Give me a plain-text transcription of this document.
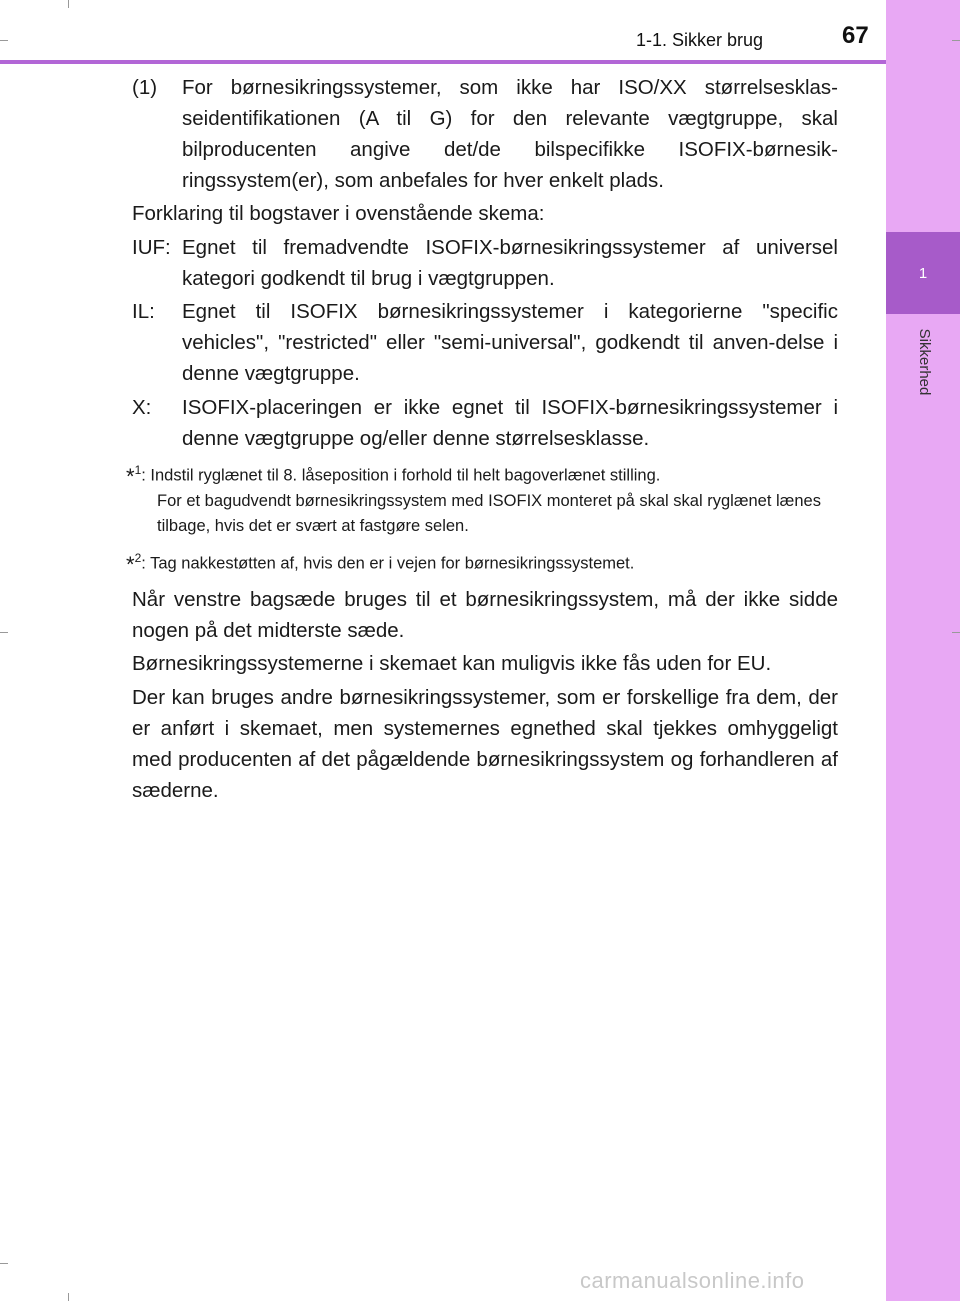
1
Sikkerhed
1-1. Sikker brug	67
(1) For børnesikringssystemer, som ikke har ISO/XX størrelsesklas-seidentifikationen (A til G) for den relevante vægtgruppe, skal bilproducenten angive det/de bilspecifikke ISOFIX-børnesik-ringssystem(er), som anbefales for hver enkelt plads.
Forklaring til bogstaver i ovenstående skema:
IUF: Egnet til fremadvendte ISOFIX-børnesikringssystemer af universel kategori godkendt til brug i vægtgruppen.
IL: Egnet til ISOFIX børnesikringssystemer i kategorierne "specific vehicles", "restricted" eller "semi-universal", godkendt til anven-delse i denne vægtgruppe.
X: ISOFIX-placeringen er ikke egnet til ISOFIX-børnesikringssystemer i denne vægtgruppe og/eller denne størrelsesklasse.
*$^1$: Indstil ryglænet til 8. låseposition i forhold til helt bagoverlænet stilling.
For et bagudvendt børnesikringssystem med ISOFIX monteret på skal skal ryglænet lænes tilbage, hvis det er svært at fastgøre selen.
*$^2$: Tag nakkestøtten af, hvis den er i vejen for børnesikringssystemet.
Når venstre bagsæde bruges til et børnesikringssystem, må der ikke sidde nogen på det midterste sæde.
Børnesikringssystemerne i skemaet kan muligvis ikke fås uden for EU.
Der kan bruges andre børnesikringssystemer, som er forskellige fra dem, der er anført i skemaet, men systemernes egnethed skal tjekkes omhyggeligt med producenten af det pågældende børnesikringssystem og forhandleren af sæderne.
carmanualsonline.info
